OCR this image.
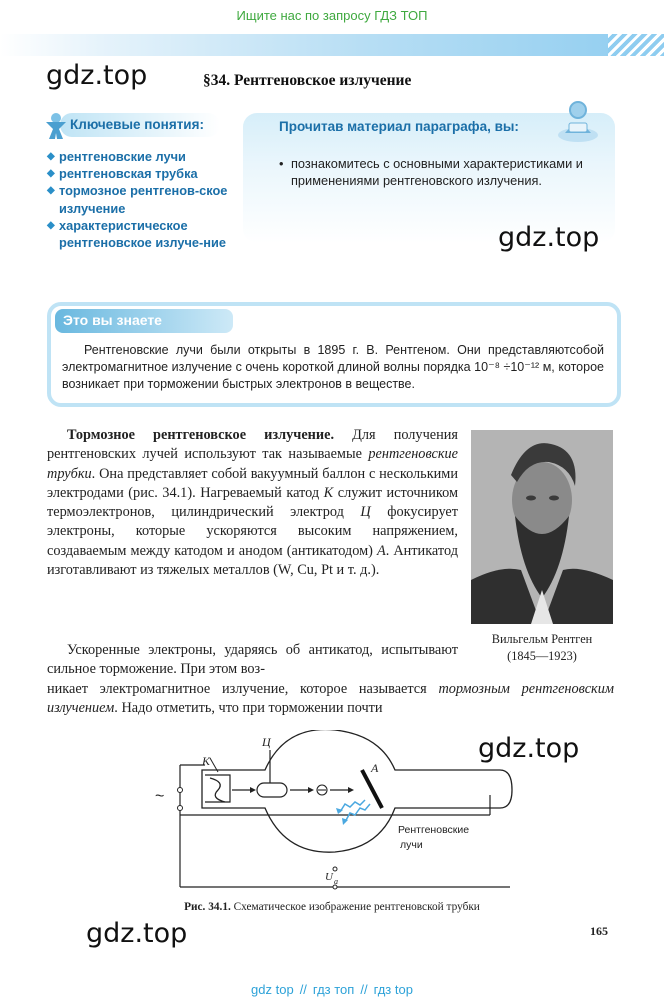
Ищите нас по запросу ГДЗ ТОП
gdz.top	§34. Рентгеновское излучение
Ключевые понятия:
◆ рентгеновские лучи
◆ рентгеновская трубка
◆ тормозное рентгенов-ское излучение
◆ характеристическое рентгеновское излуче-ние
Прочитав материал параграфа, вы:
• познакомитесь с основными характеристиками и применениями рентгеновского излучения.
gdz.top
Это вы знаете
Рентгеновские лучи были открыты в 1895 г. В. Рентгеном. Они представляютсобой электромагнитное излучение с очень короткой длиной волны порядка 10⁻⁸ ÷10⁻¹² м, которое возникает при торможении быстрых электронов в веществе.
Тормозное рентгеновское излучение. Для получения рентгеновских лучей используют так называемые рентгеновские трубки. Она представляет собой вакуумный баллон с несколькими электродами (рис. 34.1). Нагреваемый катод K служит источником термоэлектронов, цилиндрический электрод Ц фокусирует электроны, которые ускоряются высоким напряжением, создаваемым между катодом и анодом (антикатодом) A. Антикатод изготавливают из тяжелых металлов (W, Cu, Pt и т. д.).
Вильгельм Рентген
(1845—1923)
Ускоренные электроны, ударяясь об антикатод, испытывают сильное торможение. При этом воз-
никает электромагнитное излучение, которое называется тормозным рентгеновским излучением. Надо отметить, что при торможении почти
gdz.top
K
Ц
A
~
Рентгеновские
лучи
U a
Рис. 34.1. Схематическое изображение рентгеновской трубки
gdz.top	165
gdz top // гдз топ // гдз top
